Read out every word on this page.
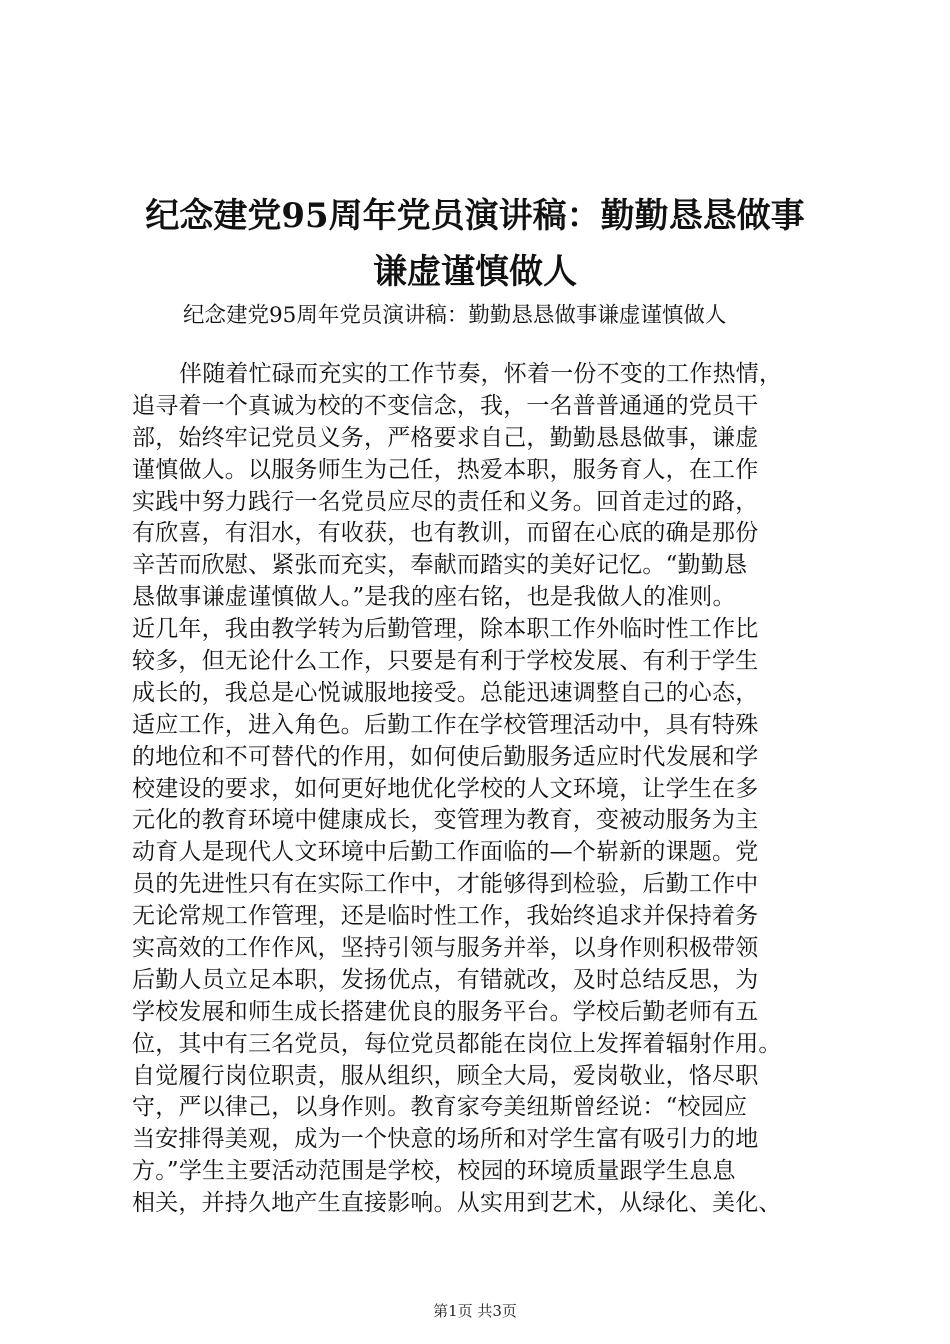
纪念建党95周年党员演讲稿：勤勤恳恳做事
谦虚谨慎做人

纪念建党95周年党员演讲稿：勤勤恳恳做事谦虚谨慎做人

伴随着忙碌而充实的工作节奏，怀着一份不变的工作热情，
追寻着一个真诚为校的不变信念，我，一名普普通通的党员干
部，始终牢记党员义务，严格要求自己，勤勤恳恳做事，谦虚
谨慎做人。以服务师生为己任，热爱本职，服务育人，在工作
实践中努力践行一名党员应尽的责任和义务。回首走过的路，
有欣喜，有泪水，有收获，也有教训，而留在心底的确是那份
辛苦而欣慰、紧张而充实，奉献而踏实的美好记忆。“勤勤恳
恳做事谦虚谨慎做人。”是我的座右铭，也是我做人的准则。
近几年，我由教学转为后勤管理，除本职工作外临时性工作比
较多，但无论什么工作，只要是有利于学校发展、有利于学生
成长的，我总是心悦诚服地接受。总能迅速调整自己的心态，
适应工作，进入角色。后勤工作在学校管理活动中，具有特殊
的地位和不可替代的作用，如何使后勤服务适应时代发展和学
校建设的要求，如何更好地优化学校的人文环境，让学生在多
元化的教育环境中健康成长，变管理为教育，变被动服务为主
动育人是现代人文环境中后勤工作面临的—个崭新的课题。党
员的先进性只有在实际工作中，才能够得到检验，后勤工作中
无论常规工作管理，还是临时性工作，我始终追求并保持着务
实高效的工作作风，坚持引领与服务并举，以身作则积极带领
后勤人员立足本职，发扬优点，有错就改，及时总结反思，为
学校发展和师生成长搭建优良的服务平台。学校后勤老师有五
位，其中有三名党员，每位党员都能在岗位上发挥着辐射作用。
自觉履行岗位职责，服从组织，顾全大局，爱岗敬业，恪尽职
守，严以律己，以身作则。教育家夸美纽斯曾经说：“校园应
当安排得美观，成为一个快意的场所和对学生富有吸引力的地
方。”学生主要活动范围是学校，校园的环境质量跟学生息息
相关，并持久地产生直接影响。从实用到艺术，从绿化、美化、
第1页 共3页
